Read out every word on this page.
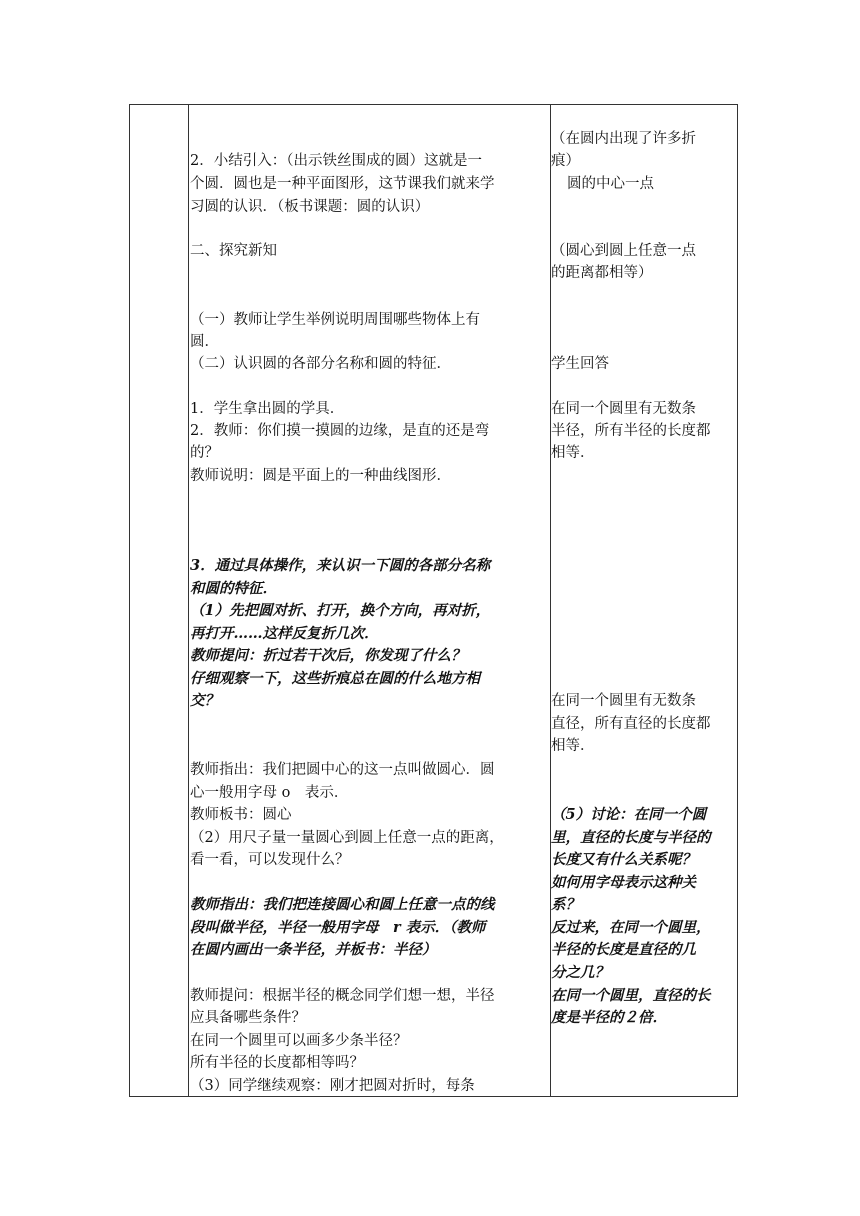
2．小结引入：（出示铁丝围成的圆）这就是一
个圆．圆也是一种平面图形，这节课我们就来学
习圆的认识．（板书课题：圆的认识）
二、探究新知
（一）教师让学生举例说明周围哪些物体上有
圆．
（二）认识圆的各部分名称和圆的特征．
1．学生拿出圆的学具．
2．教师：你们摸一摸圆的边缘，是直的还是弯
的？
教师说明：圆是平面上的一种曲线图形．
3．通过具体操作，来认识一下圆的各部分名称
和圆的特征．
（1）先把圆对折、打开，换个方向，再对折，
再打开……这样反复折几次．
教师提问：折过若干次后，你发现了什么？
仔细观察一下，这些折痕总在圆的什么地方相
交？
教师指出：我们把圆中心的这一点叫做圆心．圆
心一般用字母 o　表示．
教师板书：圆心
（2）用尺子量一量圆心到圆上任意一点的距离，
看一看，可以发现什么？
教师指出：我们把连接圆心和圆上任意一点的线
段叫做半径，半径一般用字母　r 表示．（教师
在圆内画出一条半径，并板书：半径）
教师提问：根据半径的概念同学们想一想，半径
应具备哪些条件？
在同一个圆里可以画多少条半径？
所有半径的长度都相等吗？
（3）同学继续观察：刚才把圆对折时，每条
（在圆内出现了许多折
痕）
圆的中心一点
（圆心到圆上任意一点
的距离都相等）
学生回答
在同一个圆里有无数条
半径，所有半径的长度都
相等．
在同一个圆里有无数条
直径，所有直径的长度都
相等．
（5）讨论：在同一个圆
里，直径的长度与半径的
长度又有什么关系呢？
如何用字母表示这种关
系？
反过来，在同一个圆里，
半径的长度是直径的几
分之几？
在同一个圆里，直径的长
度是半径的２倍．
